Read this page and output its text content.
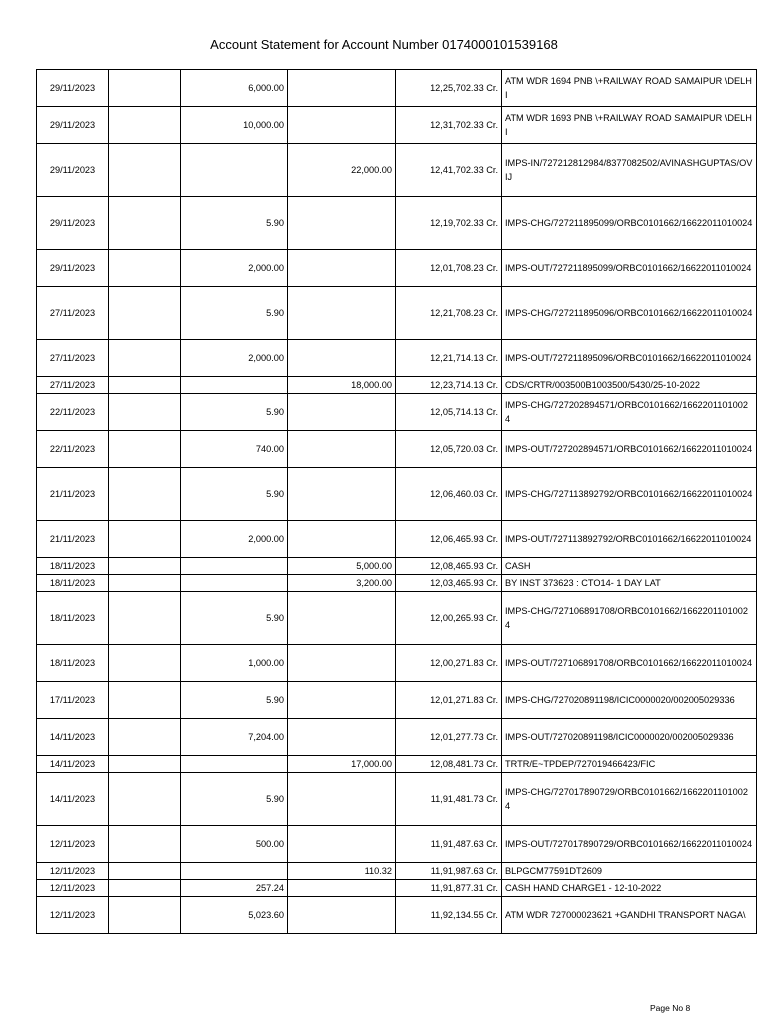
Account Statement for Account Number 0174000101539168
29/11/2023		6,000.00		12,25,702.33 Cr.	ATM WDR 1694 PNB \+RAILWAY ROAD SAMAIPUR \DELHI
29/11/2023		10,000.00		12,31,702.33 Cr.	ATM WDR 1693 PNB \+RAILWAY ROAD SAMAIPUR \DELHI
29/11/2023			22,000.00	12,41,702.33 Cr.	IMPS-IN/727212812984/8377082502/AVINASHGUPTAS/OVIJ
29/11/2023		5.90		12,19,702.33 Cr.	IMPS-CHG/727211895099/ORBC0101662/16622011010024
29/11/2023		2,000.00		12,01,708.23 Cr.	IMPS-OUT/727211895099/ORBC0101662/16622011010024
27/11/2023		5.90		12,21,708.23 Cr.	IMPS-CHG/727211895096/ORBC0101662/16622011010024
27/11/2023		2,000.00		12,21,714.13 Cr.	IMPS-OUT/727211895096/ORBC0101662/16622011010024
27/11/2023			18,000.00	12,23,714.13 Cr.	CDS/CRTR/003500B1003500/5430/25-10-2022
22/11/2023		5.90		12,05,714.13 Cr.	IMPS-CHG/727202894571/ORBC0101662/16622011010024
22/11/2023		740.00		12,05,720.03 Cr.	IMPS-OUT/727202894571/ORBC0101662/16622011010024
21/11/2023		5.90		12,06,460.03 Cr.	IMPS-CHG/727113892792/ORBC0101662/16622011010024
21/11/2023		2,000.00		12,06,465.93 Cr.	IMPS-OUT/727113892792/ORBC0101662/16622011010024
18/11/2023			5,000.00	12,08,465.93 Cr.	CASH
18/11/2023			3,200.00	12,03,465.93 Cr.	BY INST 373623 : CTO14- 1 DAY LAT
18/11/2023		5.90		12,00,265.93 Cr.	IMPS-CHG/727106891708/ORBC0101662/16622011010024
18/11/2023		1,000.00		12,00,271.83 Cr.	IMPS-OUT/727106891708/ORBC0101662/16622011010024
17/11/2023		5.90		12,01,271.83 Cr.	IMPS-CHG/727020891198/ICIC0000020/002005029336
14/11/2023		7,204.00		12,01,277.73 Cr.	IMPS-OUT/727020891198/ICIC0000020/002005029336
14/11/2023			17,000.00	12,08,481.73 Cr.	TRTR/E~TPDEP/727019466423/FIC
14/11/2023		5.90		11,91,481.73 Cr.	IMPS-CHG/727017890729/ORBC0101662/16622011010024
12/11/2023		500.00		11,91,487.63 Cr.	IMPS-OUT/727017890729/ORBC0101662/16622011010024
12/11/2023			110.32	11,91,987.63 Cr.	BLPGCM77591DT2609
12/11/2023		257.24		11,91,877.31 Cr.	CASH HAND CHARGE1 - 12-10-2022
12/11/2023		5,023.60		11,92,134.55 Cr.	ATM WDR 727000023621 +GANDHI TRANSPORT NAGA\
Page No 8
